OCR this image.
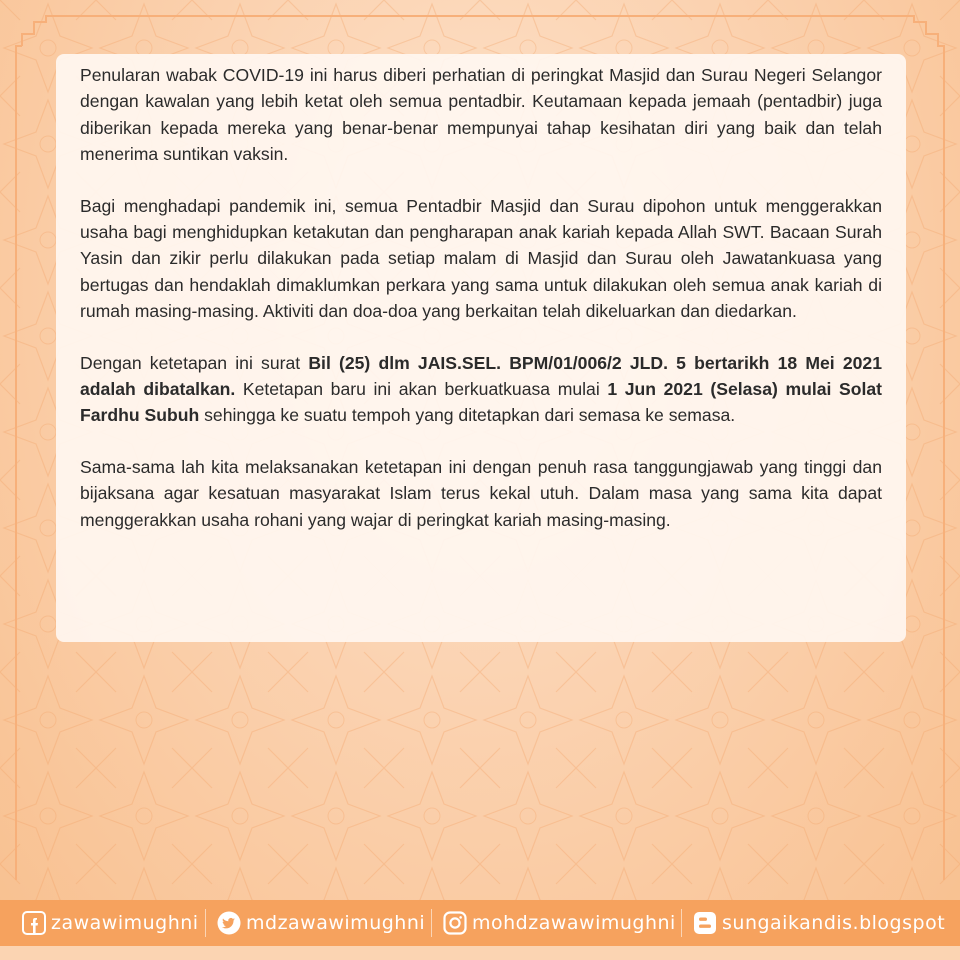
Penularan wabak COVID-19 ini harus diberi perhatian di peringkat Masjid dan Surau Negeri Selangor dengan kawalan yang lebih ketat oleh semua pentadbir. Keutamaan kepada jemaah (pentadbir) juga diberikan kepada mereka yang benar-benar mempunyai tahap kesihatan diri yang baik dan telah menerima suntikan vaksin.

Bagi menghadapi pandemik ini, semua Pentadbir Masjid dan Surau dipohon untuk menggerakkan usaha bagi menghidupkan ketakutan dan pengharapan anak kariah kepada Allah SWT. Bacaan Surah Yasin dan zikir perlu dilakukan pada setiap malam di Masjid dan Surau oleh Jawatankuasa yang bertugas dan hendaklah dimaklumkan perkara yang sama untuk dilakukan oleh semua anak kariah di rumah masing-masing. Aktiviti dan doa-doa yang berkaitan telah dikeluarkan dan diedarkan.

Dengan ketetapan ini surat Bil (25) dlm JAIS.SEL. BPM/01/006/2 JLD. 5 bertarikh 18 Mei 2021 adalah dibatalkan. Ketetapan baru ini akan berkuatkuasa mulai 1 Jun 2021 (Selasa) mulai Solat Fardhu Subuh sehingga ke suatu tempoh yang ditetapkan dari semasa ke semasa.

Sama-sama lah kita melaksanakan ketetapan ini dengan penuh rasa tanggungjawab yang tinggi dan bijaksana agar kesatuan masyarakat Islam terus kekal utuh. Dalam masa yang sama kita dapat menggerakkan usaha rohani yang wajar di peringkat kariah masing-masing.

zawawimughni mdzawawimughni mohdzawawimughni sungaikandis.blogspot
